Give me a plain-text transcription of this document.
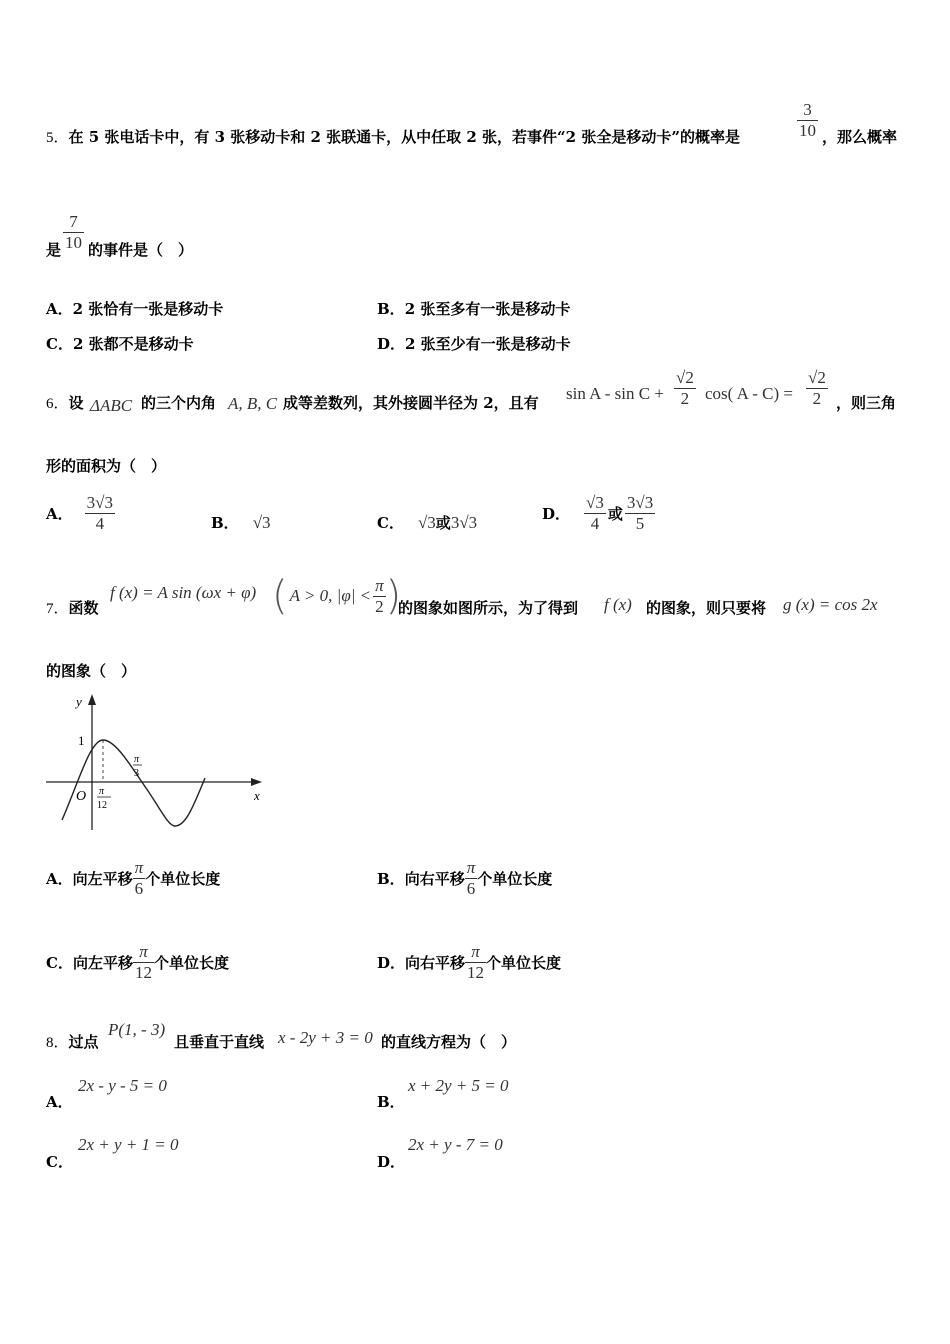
5．在 5 张电话卡中，有 3 张移动卡和 2 张联通卡，从中任取 2 张，若事件“2 张全是移动卡”的概率是
3
10 ，那么概率
是
7
10 的事件是（　）
A．2 张恰有一张是移动卡	B．2 张至多有一张是移动卡
C．2 张都不是移动卡	D．2 张至少有一张是移动卡
6．设 ΔABC 的三个内角 A, B, C 成等差数列，其外接圆半径为 2，且有 sin A - sin C +
√2
2 cos( A - C) =
√2
2 ，则三角
形的面积为（　）
A． $\frac{3√3}{4}$	B． √3	C． √3或3√3	D． $\frac{√3}{4}$ 或 $\frac{3√3}{5}$
7．函数
f (x) = A sin (ωx + φ) ( A > 0, $|\varphi| < \frac{\pi}{2}$ )
的图象如图所示，为了得到 f (x) 的图象，则只要将 g (x) = cos 2x
的图象（　）
y
x
O
1
π
12
π
3
A． 向左平移 $\frac{\pi}{6}$ 个单位长度	B． 向右平移 $\frac{\pi}{6}$ 个单位长度
C． 向左平移 $\frac{\pi}{12}$ 个单位长度	D． 向右平移 $\frac{\pi}{12}$ 个单位长度
8．过点
P(1, - 3)
且垂直于直线 x - 2y + 3 = 0 的直线方程为（　）
A．
2x - y - 5 = 0
B．
x + 2y + 5 = 0
C．
2x + y + 1 = 0
D．
2x + y - 7 = 0
